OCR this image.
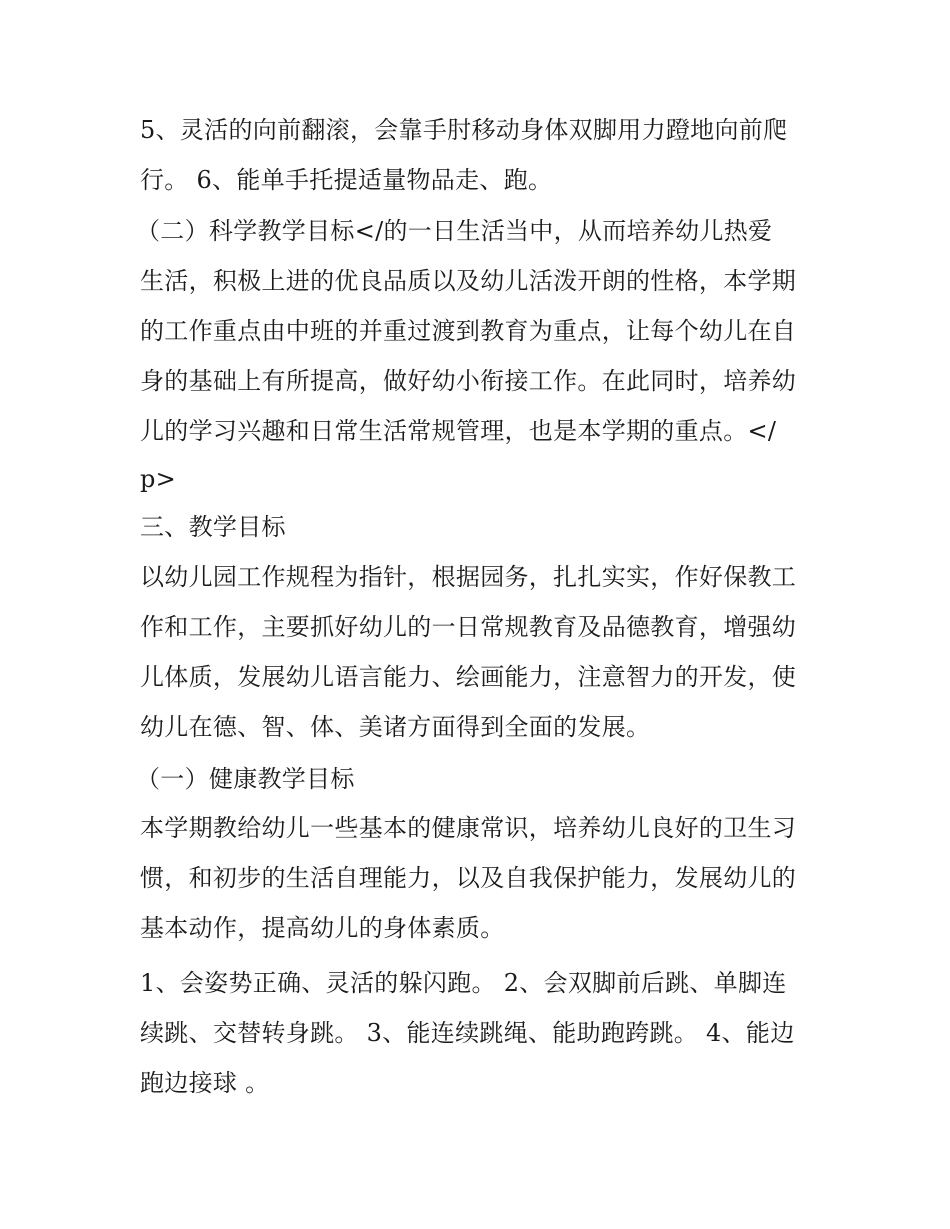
5、灵活的向前翻滚，会靠手肘移动身体双脚用力蹬地向前爬
行。 6、能单手托提适量物品走、跑。
（二）科学教学目标</的一日生活当中，从而培养幼儿热爱
生活，积极上进的优良品质以及幼儿活泼开朗的性格，本学期
的工作重点由中班的并重过渡到教育为重点，让每个幼儿在自
身的基础上有所提高，做好幼小衔接工作。在此同时，培养幼
儿的学习兴趣和日常生活常规管理，也是本学期的重点。</
p>
三、教学目标
以幼儿园工作规程为指针，根据园务，扎扎实实，作好保教工
作和工作，主要抓好幼儿的一日常规教育及品德教育，增强幼
儿体质，发展幼儿语言能力、绘画能力，注意智力的开发，使
幼儿在德、智、体、美诸方面得到全面的发展。
（一）健康教学目标
本学期教给幼儿一些基本的健康常识，培养幼儿良好的卫生习
惯，和初步的生活自理能力，以及自我保护能力，发展幼儿的
基本动作，提高幼儿的身体素质。
1、会姿势正确、灵活的躲闪跑。 2、会双脚前后跳、单脚连
续跳、交替转身跳。 3、能连续跳绳、能助跑跨跳。 4、能边
跑边接球 。
